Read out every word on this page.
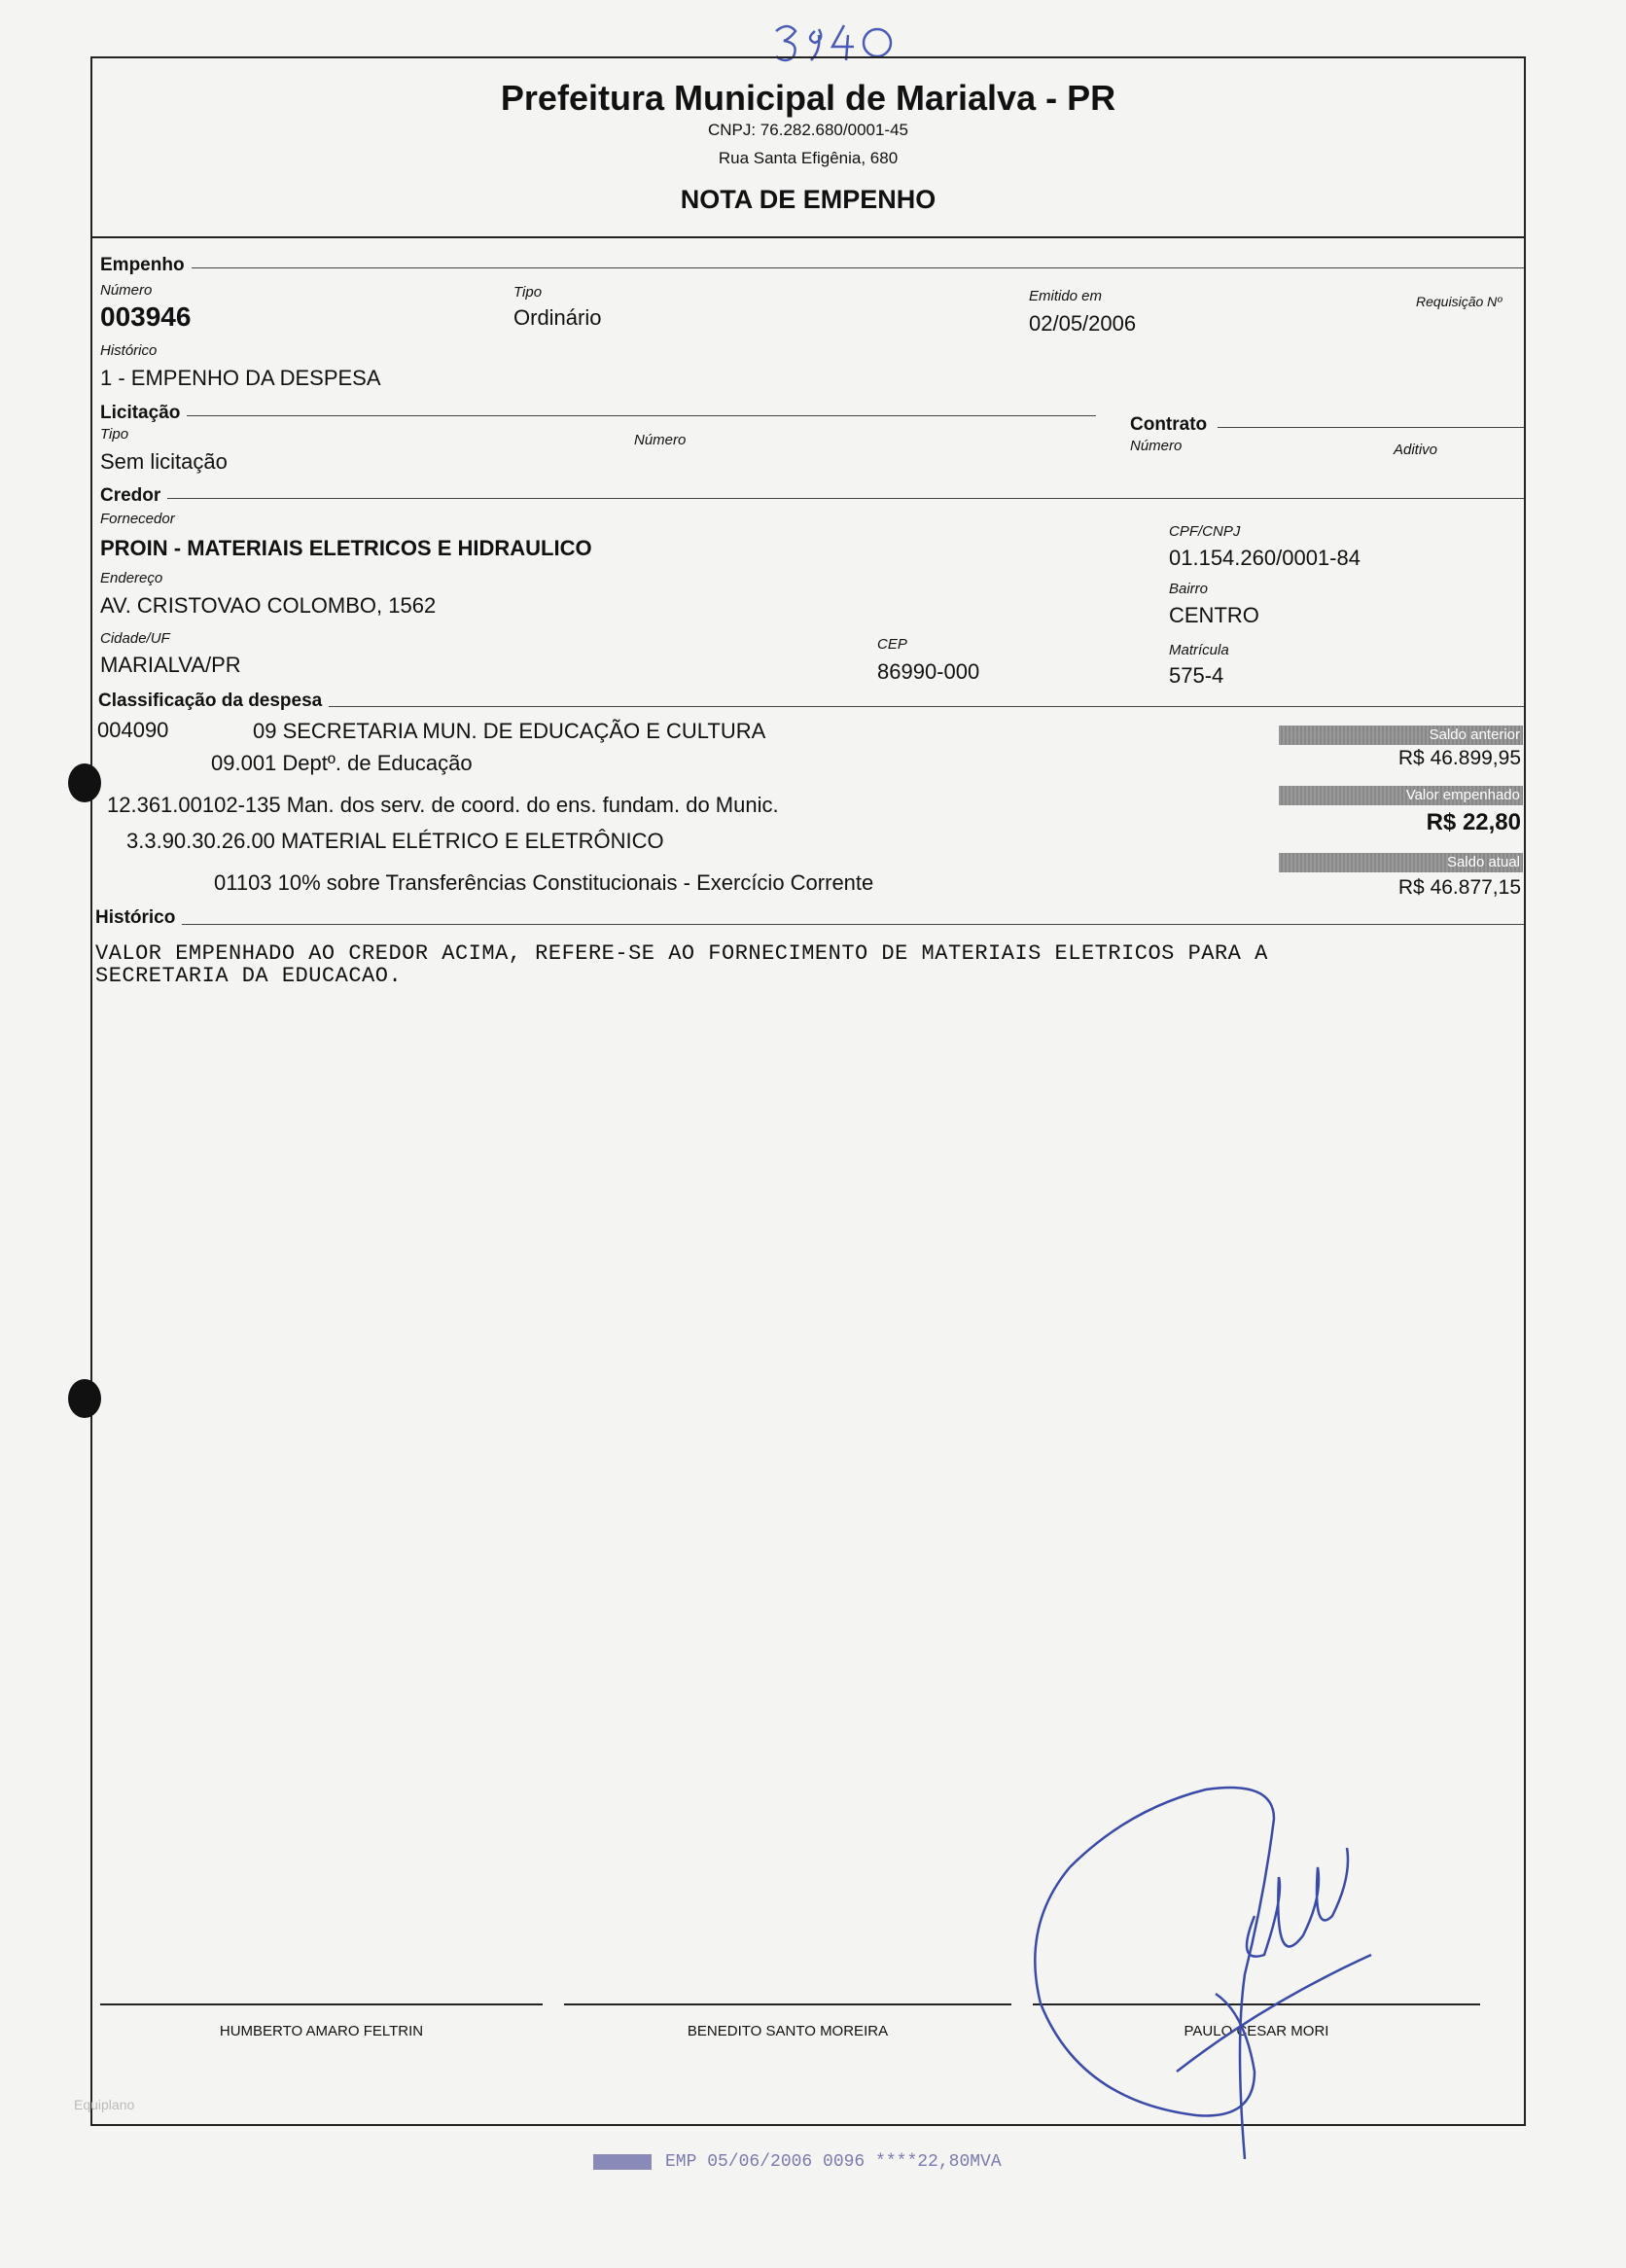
Prefeitura Municipal de Marialva - PR
CNPJ: 76.282.680/0001-45
Rua Santa Efigênia, 680
NOTA DE EMPENHO
Empenho
Número
003946
Tipo
Ordinário
Emitido em
02/05/2006
Requisição Nº
Histórico
1 - EMPENHO DA DESPESA
Licitação
Tipo
Sem licitação
Número
Contrato
Número	Aditivo
Credor
Fornecedor
PROIN - MATERIAIS ELETRICOS E HIDRAULICO
CPF/CNPJ
01.154.260/0001-84
Endereço
AV. CRISTOVAO COLOMBO, 1562
Bairro
CENTRO
Cidade/UF
MARIALVA/PR
CEP
86990-000
Matrícula
575-4
Classificação da despesa
004090	09 SECRETARIA MUN. DE EDUCAÇÃO E CULTURA
09.001 Deptº. de Educação
12.361.00102-135 Man. dos serv. de coord. do ens. fundam. do Munic.
3.3.90.30.26.00 MATERIAL ELÉTRICO E ELETRÔNICO
01103 10% sobre Transferências Constitucionais - Exercício Corrente
Saldo anterior
R$ 46.899,95
Valor empenhado
R$ 22,80
Saldo atual
R$ 46.877,15
Histórico
VALOR EMPENHADO AO CREDOR ACIMA, REFERE-SE AO FORNECIMENTO DE MATERIAIS ELETRICOS PARA A
SECRETARIA DA EDUCACAO.
HUMBERTO AMARO FELTRIN	BENEDITO SANTO MOREIRA	PAULO CESAR MORI
Equiplano
EMP 05/06/2006 0096 ****22,80MVA
